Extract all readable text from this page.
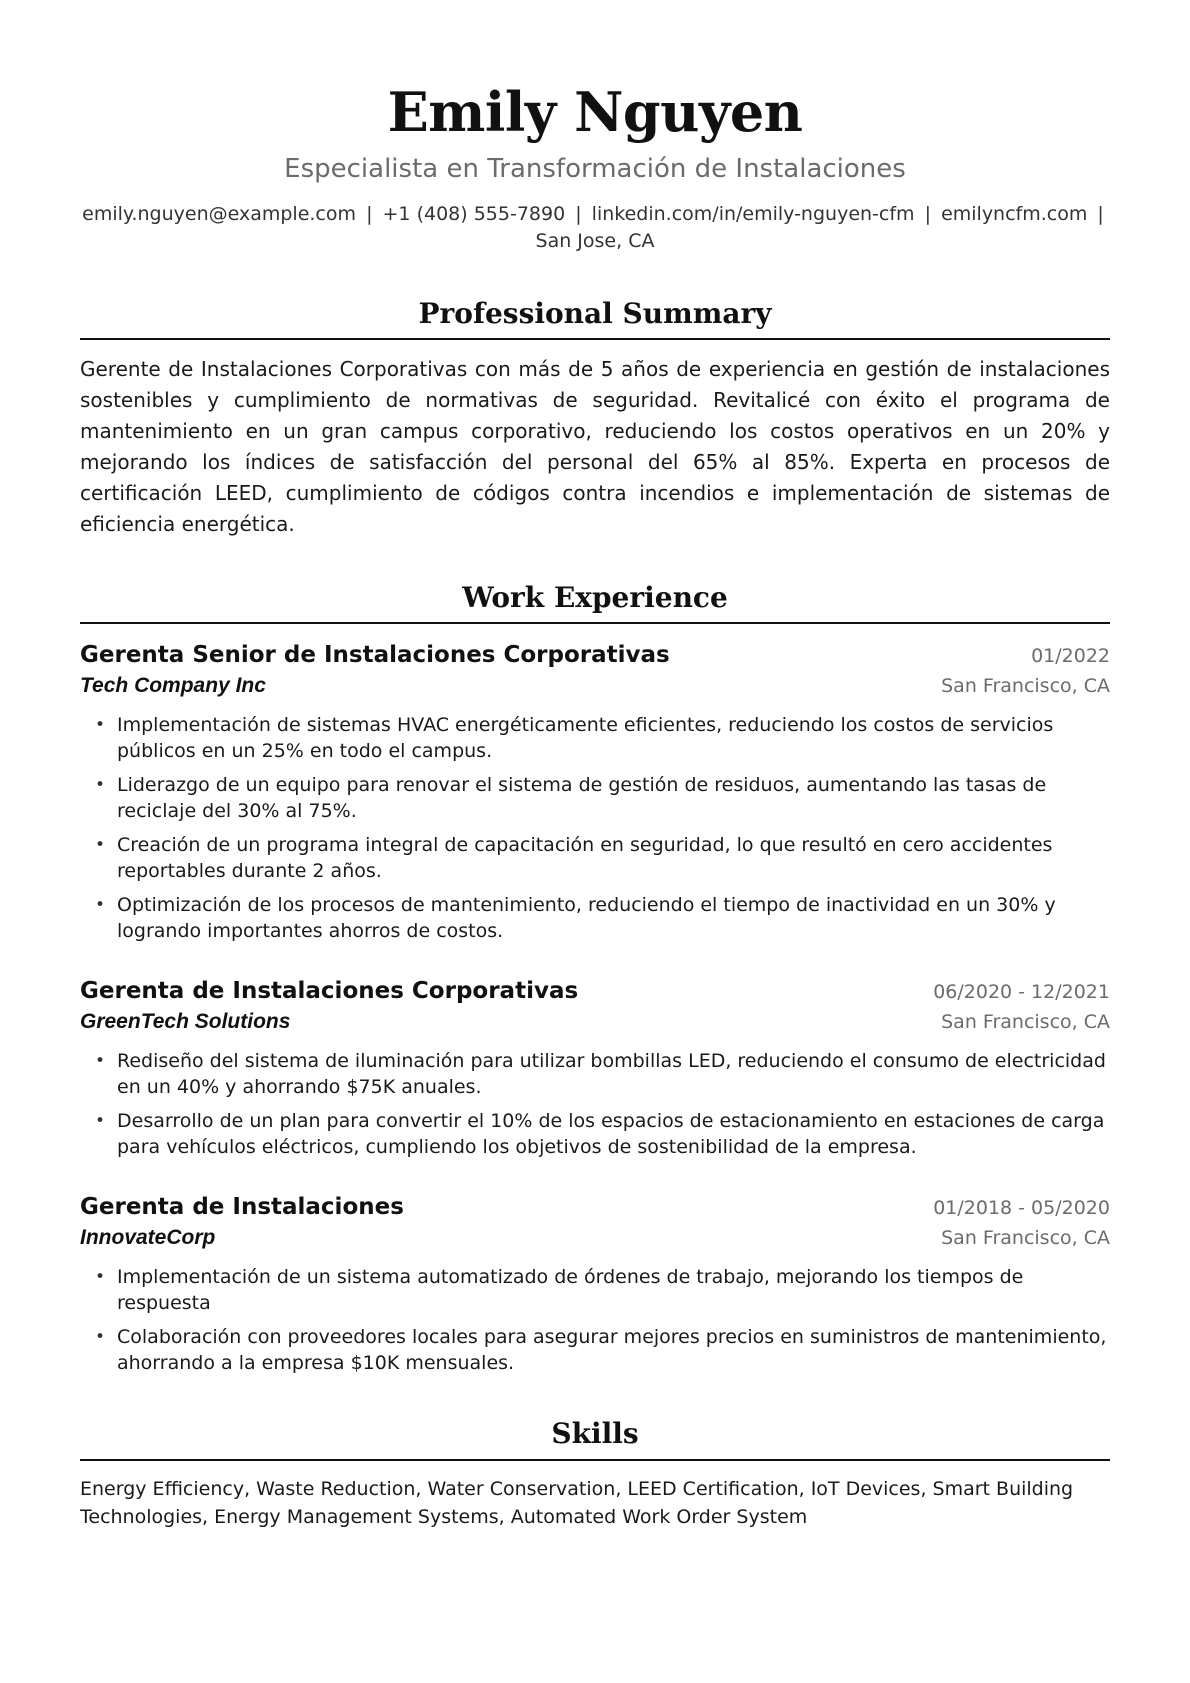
Emily Nguyen

Especialista en Transformación de Instalaciones

emily.nguyen@example.com | +1 (408) 555-7890 | linkedin.com/in/emily-nguyen-cfm | emilyncfm.com | San Jose, CA

Professional Summary

Gerente de Instalaciones Corporativas con más de 5 años de experiencia en gestión de instalaciones sostenibles y cumplimiento de normativas de seguridad. Revitalicé con éxito el programa de mantenimiento en un gran campus corporativo, reduciendo los costos operativos en un 20% y mejorando los índices de satisfacción del personal del 65% al 85%. Experta en procesos de certificación LEED, cumplimiento de códigos contra incendios e implementación de sistemas de eficiencia energética.

Work Experience
Gerenta Senior de Instalaciones Corporativas	01/2022
Tech Company Inc	San Francisco, CA
• Implementación de sistemas HVAC energéticamente eficientes, reduciendo los costos de servicios públicos en un 25% en todo el campus.
• Liderazgo de un equipo para renovar el sistema de gestión de residuos, aumentando las tasas de reciclaje del 30% al 75%.
• Creación de un programa integral de capacitación en seguridad, lo que resultó en cero accidentes reportables durante 2 años.
• Optimización de los procesos de mantenimiento, reduciendo el tiempo de inactividad en un 30% y logrando importantes ahorros de costos.
Gerenta de Instalaciones Corporativas	06/2020 - 12/2021
GreenTech Solutions	San Francisco, CA
• Rediseño del sistema de iluminación para utilizar bombillas LED, reduciendo el consumo de electricidad en un 40% y ahorrando $75K anuales.
• Desarrollo de un plan para convertir el 10% de los espacios de estacionamiento en estaciones de carga para vehículos eléctricos, cumpliendo los objetivos de sostenibilidad de la empresa.
Gerenta de Instalaciones	01/2018 - 05/2020
InnovateCorp	San Francisco, CA
• Implementación de un sistema automatizado de órdenes de trabajo, mejorando los tiempos de respuesta
• Colaboración con proveedores locales para asegurar mejores precios en suministros de mantenimiento, ahorrando a la empresa $10K mensuales.
Skills

Energy Efficiency, Waste Reduction, Water Conservation, LEED Certification, IoT Devices, Smart Building Technologies, Energy Management Systems, Automated Work Order System
